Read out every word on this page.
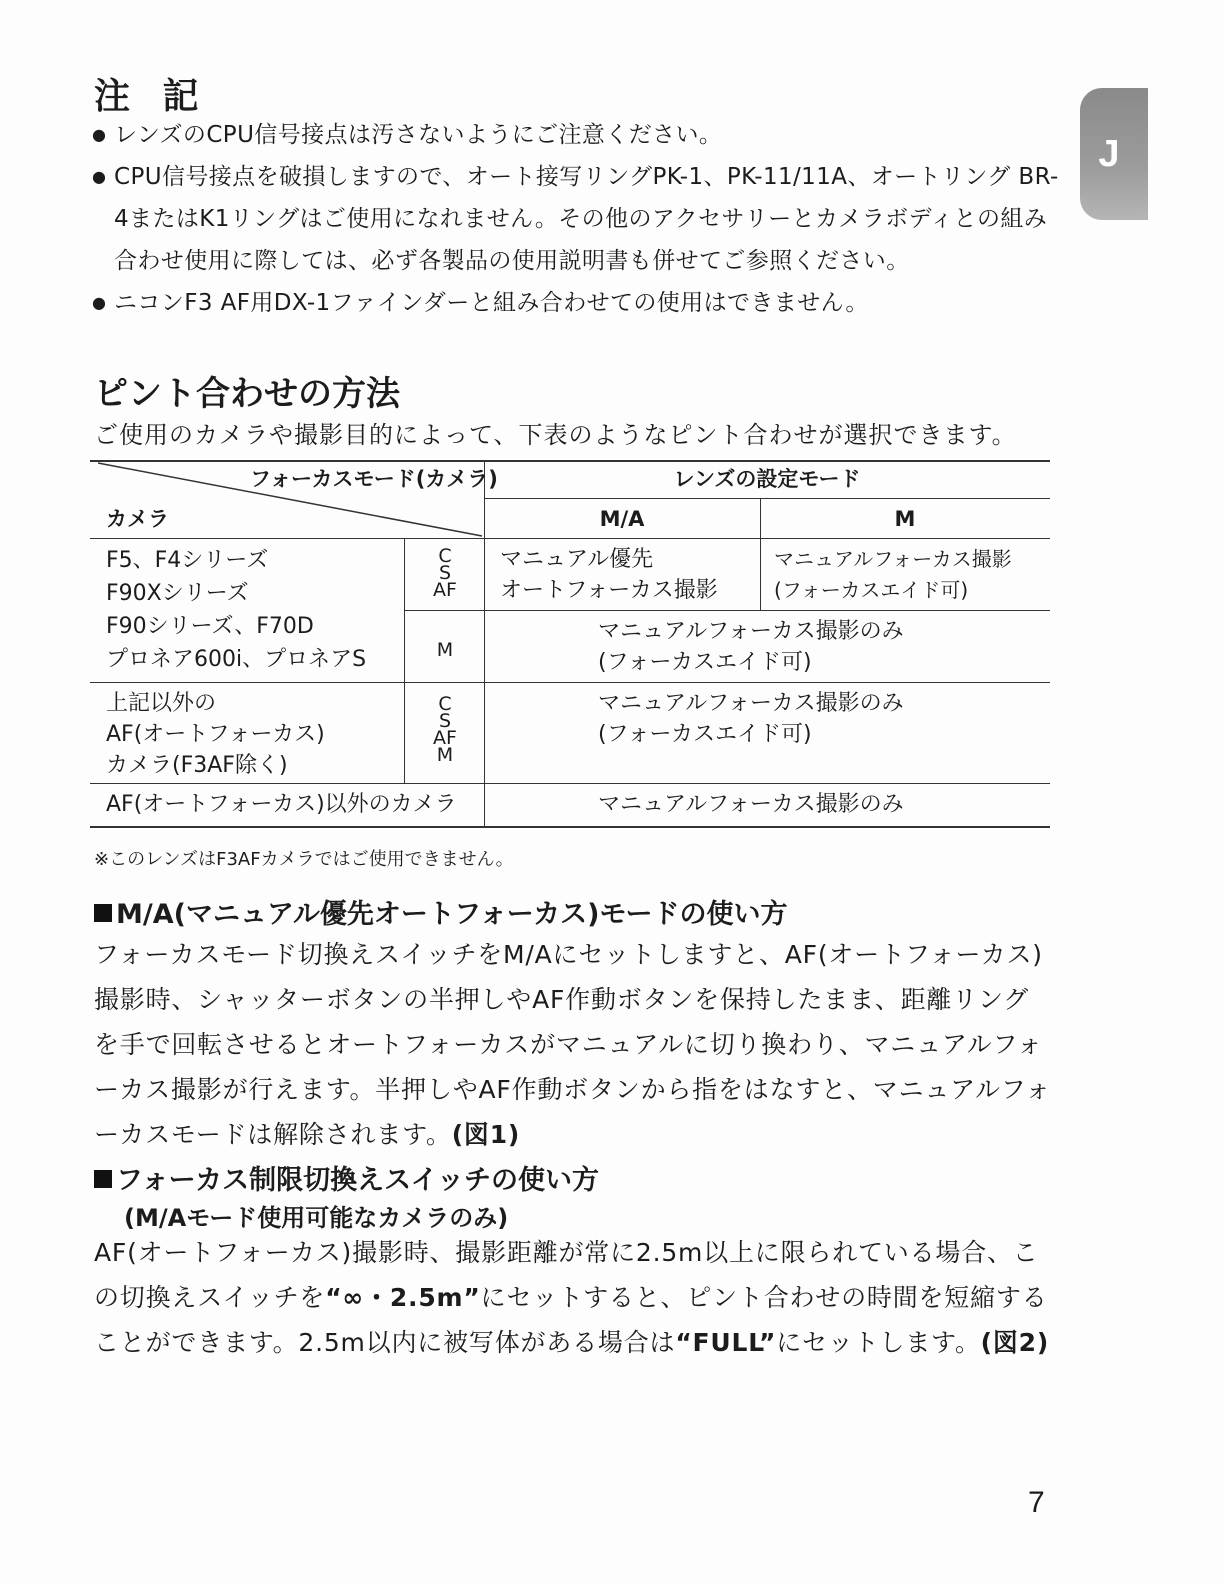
J
注 記
● レンズのCPU信号接点は汚さないようにご注意ください。
● CPU信号接点を破損しますので、オート接写リングPK-1、PK-11/11A、オートリング BR-4またはK1リングはご使用になれません。その他のアクセサリーとカメラボディとの組み合わせ使用に際しては、必ず各製品の使用説明書も併せてご参照ください。
● ニコンF3 AF用DX-1ファインダーと組み合わせての使用はできません。
ピント合わせの方法

ご使用のカメラや撮影目的によって、下表のようなピント合わせが選択できます。

フォーカスモード(カメラ)
カメラ
レンズの設定モード
M/A	M
F5、F4シリーズ
F90Xシリーズ
F90シリーズ、F70D
プロネア600i、プロネアS
C
S
AF
マニュアル優先
オートフォーカス撮影
マニュアルフォーカス撮影
(フォーカスエイド可)
M
マニュアルフォーカス撮影のみ
(フォーカスエイド可)
上記以外の
AF(オートフォーカス)
カメラ(F3AF除く)
C
S
AF
M
マニュアルフォーカス撮影のみ
(フォーカスエイド可)
AF(オートフォーカス)以外のカメラ	マニュアルフォーカス撮影のみ

※このレンズはF3AFカメラではご使用できません。

M/A(マニュアル優先オートフォーカス)モードの使い方

フォーカスモード切換えスイッチをM/Aにセットしますと、AF(オートフォーカス)撮影時、シャッターボタンの半押しやAF作動ボタンを保持したまま、距離リングを手で回転させるとオートフォーカスがマニュアルに切り換わり、マニュアルフォーカス撮影が行えます。半押しやAF作動ボタンから指をはなすと、マニュアルフォーカスモードは解除されます。(図1)

フォーカス制限切換えスイッチの使い方

(M/Aモード使用可能なカメラのみ)

AF(オートフォーカス)撮影時、撮影距離が常に2.5m以上に限られている場合、この切換えスイッチを“∞・2.5m”にセットすると、ピント合わせの時間を短縮することができます。2.5m以内に被写体がある場合は“FULL”にセットします。(図2)

7
